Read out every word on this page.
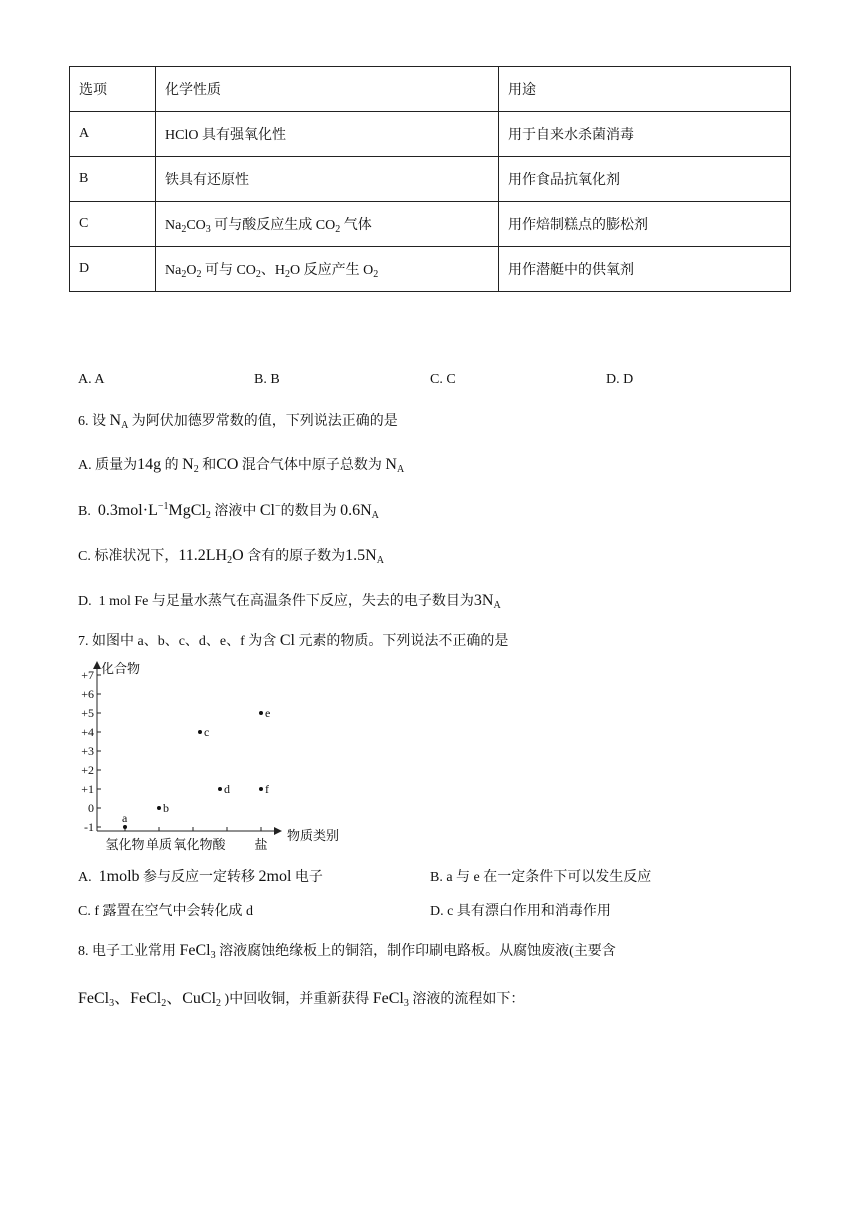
选项	化学性质	用途
A	HClO 具有强氧化性	用于自来水杀菌消毒
B	铁具有还原性	用作食品抗氧化剂
C	$Na_2CO_3$ 可与酸反应生成 $CO_2$ 气体	用作焙制糕点的膨松剂
D	$Na_2O_2$ 可与 $CO_2$、$H_2O$ 反应产生 $O_2$	用作潜艇中的供氧剂
A. A	B. B	C. C	D. D
6. 设 $N_A$ 为阿伏加德罗常数的值，下列说法正确的是
A. 质量为14g 的 $N_2$ 和CO 混合气体中原子总数为 $N_A$
B.  $0.3mol\cdot L^{-1}MgCl_2$ 溶液中 Cl−的数目为 $0.6N_A$
C. 标准状况下，$11.2LH_2O$ 含有的原子数为$1.5N_A$
D.  1 mol Fe 与足量水蒸气在高温条件下反应，失去的电子数目为$3N_A$
7. 如图中 a、b、c、d、e、f 为含 Cl 元素的物质。下列说法不正确的是
化合物
物质类别
+7
+6
+5
+4
+3
+2
+1
0
-1
氢化物 单质 氧化物 酸 盐
a
b
c
d
e
f
A.  1molb 参与反应一定转移 2mol 电子	B. a 与 e 在一定条件下可以发生反应
C. f 露置在空气中会转化成 d	D. c 具有漂白作用和消毒作用
8. 电子工业常用 FeCl$_3$ 溶液腐蚀绝缘板上的铜箔，制作印刷电路板。从腐蚀废液(主要含
FeCl$_3$、FeCl$_2$、CuCl$_2$ )中回收铜，并重新获得 FeCl$_3$ 溶液的流程如下：
